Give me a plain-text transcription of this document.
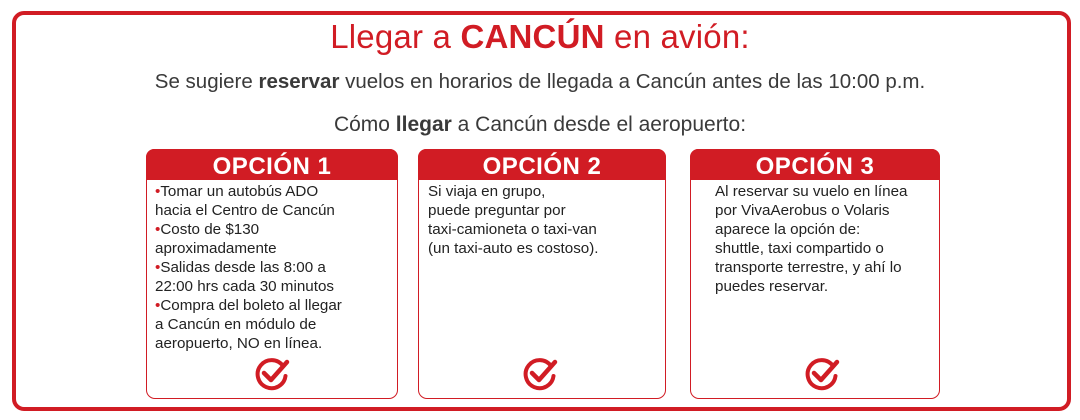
Llegar a CANCÚN en avión:
Se sugiere reservar vuelos en horarios de llegada a Cancún antes de las 10:00 p.m.
Cómo llegar a Cancún desde el aeropuerto:
OPCIÓN 1
•Tomar un autobús ADO
hacia el Centro de Cancún
•Costo de $130
aproximadamente
•Salidas desde las 8:00 a
22:00 hrs cada 30 minutos
•Compra del boleto al llegar
a Cancún en módulo de
aeropuerto, NO en línea.
OPCIÓN 2
Si viaja en grupo,
puede preguntar por
taxi-camioneta o taxi-van
(un taxi-auto es costoso).
OPCIÓN 3
Al reservar su vuelo en línea
por VivaAerobus o Volaris
aparece la opción de:
shuttle, taxi compartido o
transporte terrestre, y ahí lo
puedes reservar.
